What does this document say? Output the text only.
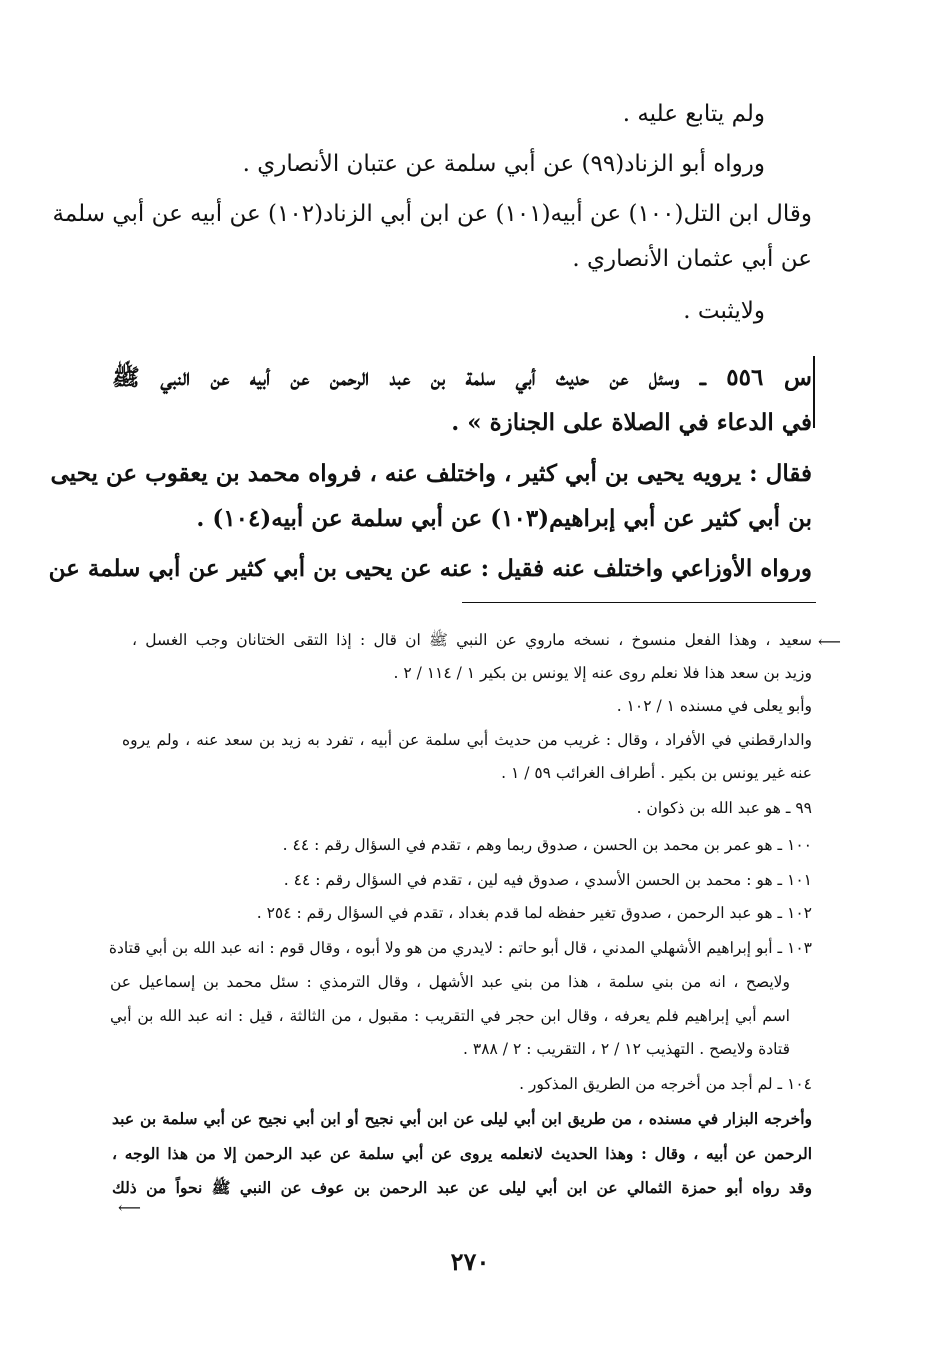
ولم يتابع عليه .
ورواه أبو الزناد(٩٩) عن أبي سلمة عن عتبان الأنصاري .
وقال ابن التل(١٠٠) عن أبيه(١٠١) عن ابن أبي الزناد(١٠٢) عن أبيه عن أبي سلمة
عن أبي عثمان الأنصاري .
ولايثبت .
س ٥٥٦ ــ وسئل عن حديث أبي سلمة بن عبد الرحمن عن أبيه عن النبي ﷺ
في الدعاء في الصلاة على الجنازة » .
فقال : يرويه يحيى بن أبي كثير ، واختلف عنه ، فرواه محمد بن يعقوب عن يحيى
بن أبي كثير عن أبي إبراهيم(١٠٣) عن أبي سلمة عن أبيه(١٠٤) .
ورواه الأوزاعي واختلف عنه فقيل : عنه عن يحيى بن أبي كثير عن أبي سلمة عن
⟵
سعيد ، وهذا الفعل منسوخ ، نسخه ماروي عن النبي ﷺ ان قال : إذا التقى الختانان وجب الغسل ،
وزيد بن سعد هذا فلا نعلم روى عنه إلا يونس بن بكير ١ / ١١٤ / ٢ .
وأبو يعلى في مسنده ١ / ١٠٢ .
والدارقطني في الأفراد ، وقال : غريب من حديث أبي سلمة عن أبيه ، تفرد به زيد بن سعد عنه ، ولم يروه
عنه غير يونس بن بكير . أطراف الغرائب ٥٩ / ١ .
٩٩ ـ هو عبد الله بن ذكوان .
١٠٠ ـ هو عمر بن محمد بن الحسن ، صدوق ربما وهم ، تقدم في السؤال رقم : ٤٤ .
١٠١ ـ هو : محمد بن الحسن الأسدي ، صدوق فيه لين ، تقدم في السؤال رقم : ٤٤ .
١٠٢ ـ هو عبد الرحمن ، صدوق تغير حفظه لما قدم بغداد ، تقدم في السؤال رقم : ٢٥٤ .
١٠٣ ـ أبو إبراهيم الأشهلي المدني ، قال أبو حاتم : لايدري من هو ولا أبوه ، وقال قوم : انه عبد الله بن أبي قتادة
ولايصح ، انه من بني سلمة ، هذا من بني عبد الأشهل ، وقال الترمذي : سئل محمد بن إسماعيل عن
اسم أبي إبراهيم فلم يعرفه ، وقال ابن حجر في التقريب : مقبول ، من الثالثة ، قيل : انه عبد الله بن أبي
قتادة ولايصح . التهذيب ١٢ / ٢ ، التقريب : ٢ / ٣٨٨ .
١٠٤ ـ لم أجد من أخرجه من الطريق المذكور .
وأخرجه البزار في مسنده ، من طريق ابن أبي ليلى عن ابن أبي نجيح أو ابن أبي نجيح عن أبي سلمة بن عبد
الرحمن عن أبيه ، وقال : وهذا الحديث لانعلمه يروى عن أبي سلمة عن عبد الرحمن إلا من هذا الوجه ،
وقد رواه أبو حمزة الثمالي عن ابن أبي ليلى عن عبد الرحمن بن عوف عن النبي ﷺ نحواً من ذلك
⟵
٢٧٠
